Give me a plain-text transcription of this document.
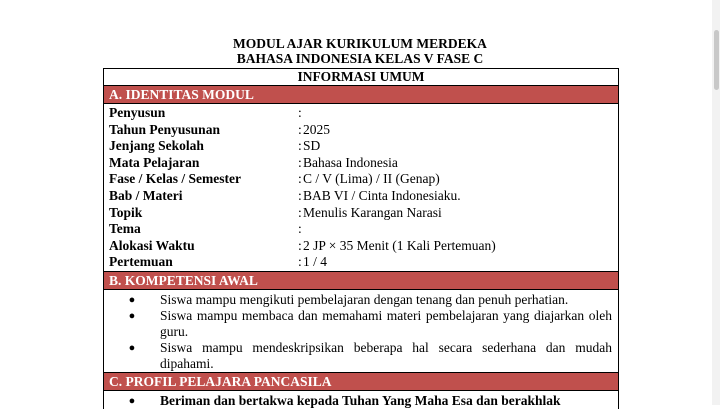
MODUL AJAR KURIKULUM MERDEKA
BAHASA INDONESIA KELAS V FASE C
INFORMASI UMUM
A. IDENTITAS MODUL
Penyusun	:
Tahun Penyusunan	: 2025
Jenjang Sekolah	: SD
Mata Pelajaran	: Bahasa Indonesia
Fase / Kelas / Semester	: C / V (Lima) / II (Genap)
Bab / Materi	: BAB VI / Cinta Indonesiaku.
Topik	: Menulis Karangan Narasi
Tema	:
Alokasi Waktu	: 2 JP × 35 Menit (1 Kali Pertemuan)
Pertemuan	: 1 / 4
B. KOMPETENSI AWAL
●	Siswa mampu mengikuti pembelajaran dengan tenang dan penuh perhatian.
●	Siswa mampu membaca dan memahami materi pembelajaran yang diajarkan oleh guru.
●	Siswa mampu mendeskripsikan beberapa hal secara sederhana dan mudah dipahami.
C. PROFIL PELAJARA PANCASILA
●	Beriman dan bertakwa kepada Tuhan Yang Maha Esa dan berakhlak
